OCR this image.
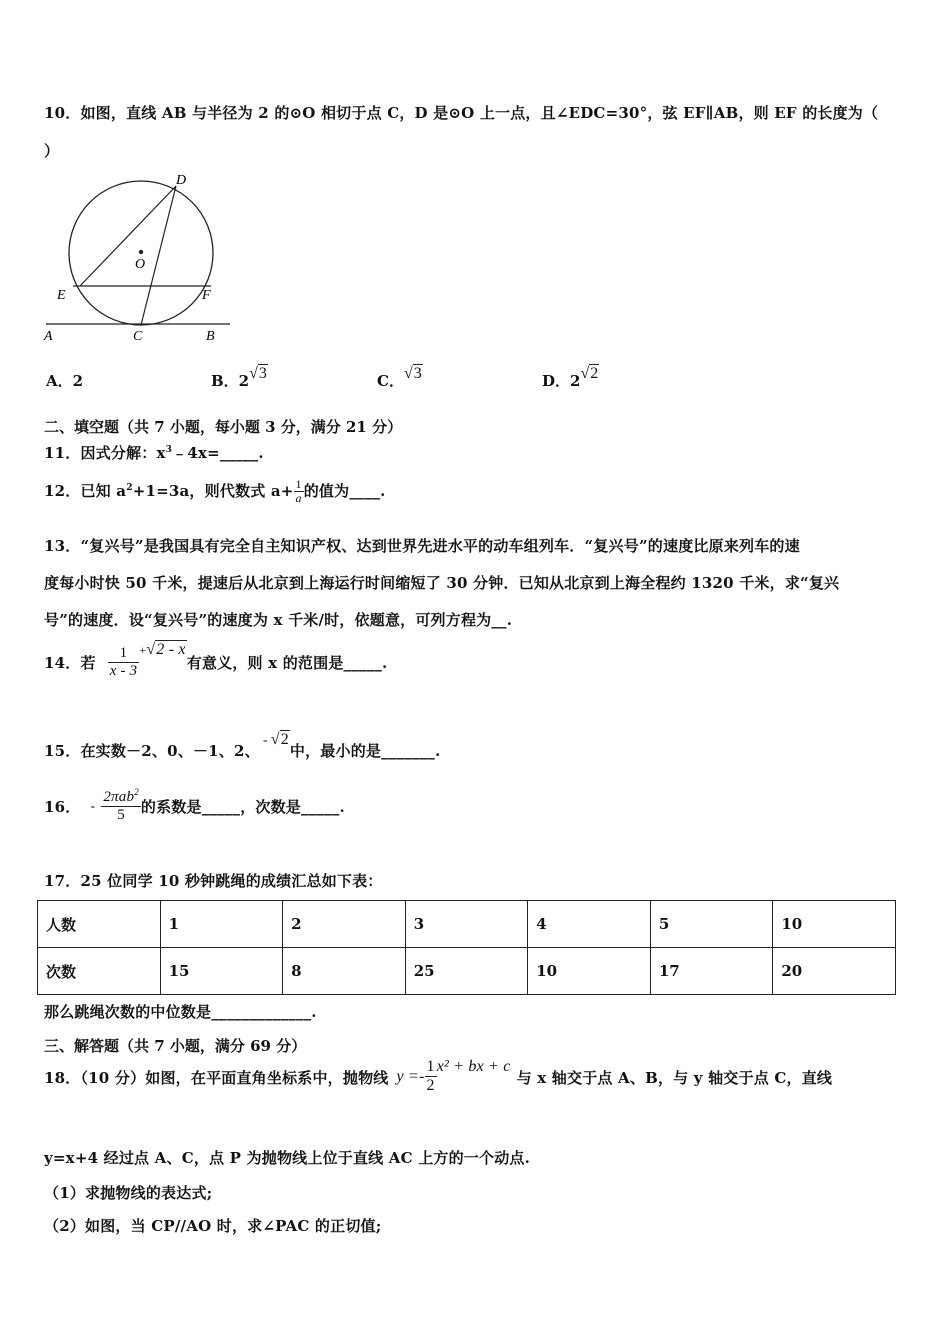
10．如图，直线 AB 与半径为 2 的⊙O 相切于点 C，D 是⊙O 上一点，且∠EDC=30°，弦 EF∥AB，则 EF 的长度为（
）
D
O
E	F
A	C	B
A．2	B．2√3	C．√3	D．2√2
二、填空题（共 7 小题，每小题 3 分，满分 21 分）
11．因式分解：$x^3﹣4x=\_\_\_\_\_$.
12．已知 $a^2+1=3a$，则代数式 $a+ \frac{1}{a}$ 的值为____.
13．“复兴号”是我国具有完全自主知识产权、达到世界先进水平的动车组列车．“复兴号”的速度比原来列车的速
度每小时快 50 千米，提速后从北京到上海运行时间缩短了 30 分钟．已知从北京到上海全程约 1320 千米，求“复兴
号”的速度．设“复兴号”的速度为 x 千米/时，依题意，可列方程为__.
14．若 $\frac{1}{x - 3} ^+√2$ - x有意义，则 x 的范围是_____.
15．在实数－2、0、－1、2、- √2中，最小的是_______.
16． - $\frac{2\pi ab^2}{5}$ 的系数是_____，次数是_____.
17．25 位同学 10 秒钟跳绳的成绩汇总如下表：
人数	1	2	3	4	5	10
次数	15	8	25	10	17	20
那么跳绳次数的中位数是_____________.
三、解答题（共 7 小题，满分 69 分）
18．（10 分）如图，在平面直角坐标系中，抛物线 $y =- \frac{1}{2} x^2$ + bx + c与 x 轴交于点 A、B，与 y 轴交于点 C，直线
y=x+4 经过点 A、C，点 P 为抛物线上位于直线 AC 上方的一个动点.
（1）求抛物线的表达式;
（2）如图，当 CP//AO 时，求∠PAC 的正切值;
